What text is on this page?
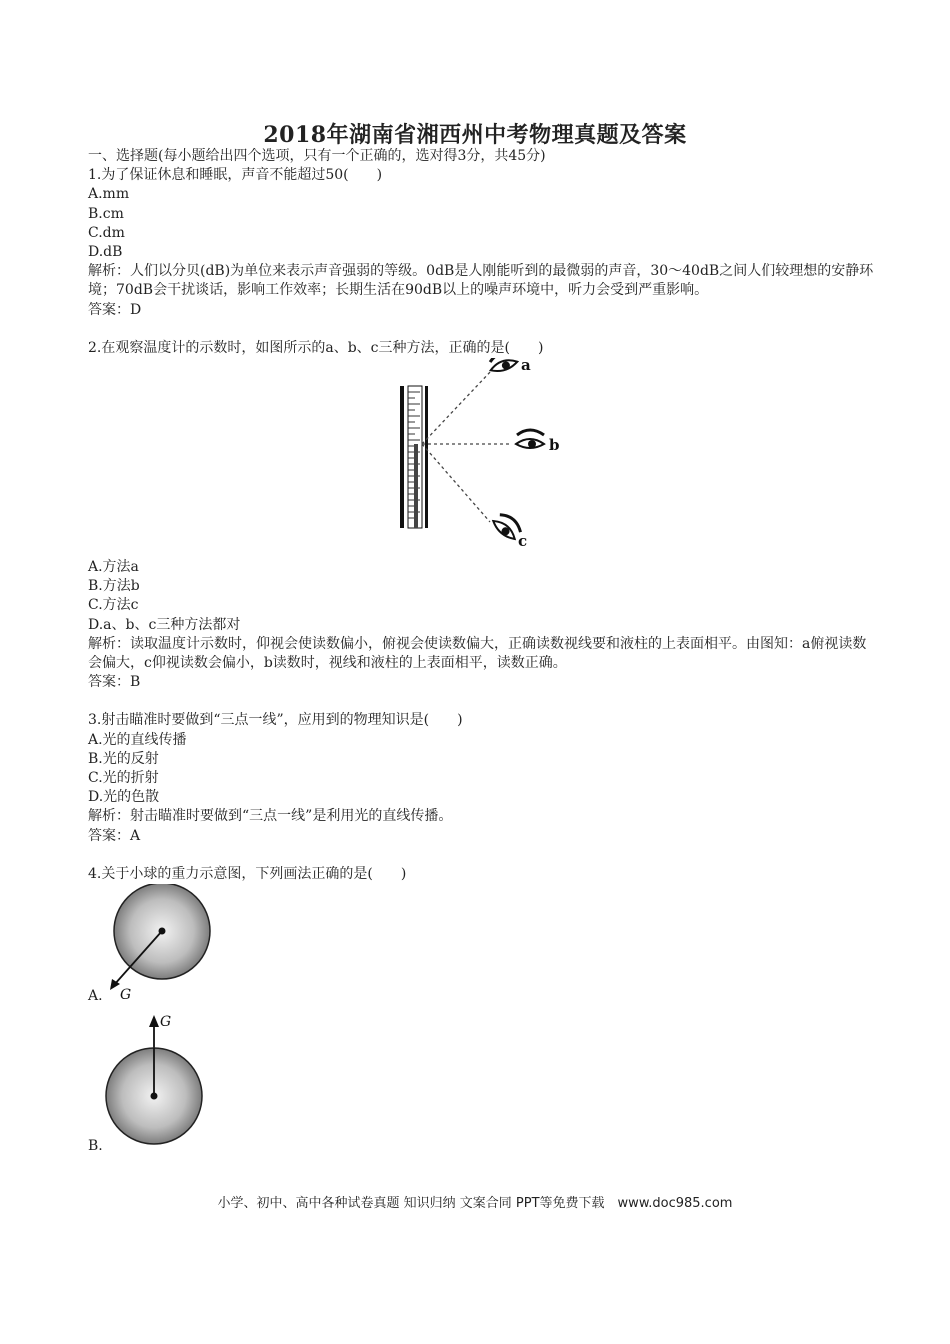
2018年湖南省湘西州中考物理真题及答案
一、选择题(每小题给出四个选项，只有一个正确的，选对得3分，共45分)
1.为了保证休息和睡眠，声音不能超过50(　　)
A.mm
B.cm
C.dm
D.dB
解析：人们以分贝(dB)为单位来表示声音强弱的等级。0dB是人刚能听到的最微弱的声音，30～40dB之间人们较理想的安静环境；70dB会干扰谈话，影响工作效率；长期生活在90dB以上的噪声环境中，听力会受到严重影响。
答案：D
2.在观察温度计的示数时，如图所示的a、b、c三种方法，正确的是(　　)
a
b
c
A.方法a
B.方法b
C.方法c
D.a、b、c三种方法都对
解析：读取温度计示数时，仰视会使读数偏小，俯视会使读数偏大，正确读数视线要和液柱的上表面相平。由图知：a俯视读数会偏大，c仰视读数会偏小，b读数时，视线和液柱的上表面相平，读数正确。
答案：B
3.射击瞄准时要做到“三点一线”，应用到的物理知识是(　　)
A.光的直线传播
B.光的反射
C.光的折射
D.光的色散
解析：射击瞄准时要做到“三点一线”是利用光的直线传播。
答案：A
4.关于小球的重力示意图，下列画法正确的是(　　)
G
A.
G
B.
小学、初中、高中各种试卷真题 知识归纳 文案合同 PPT等免费下载　www.doc985.com
